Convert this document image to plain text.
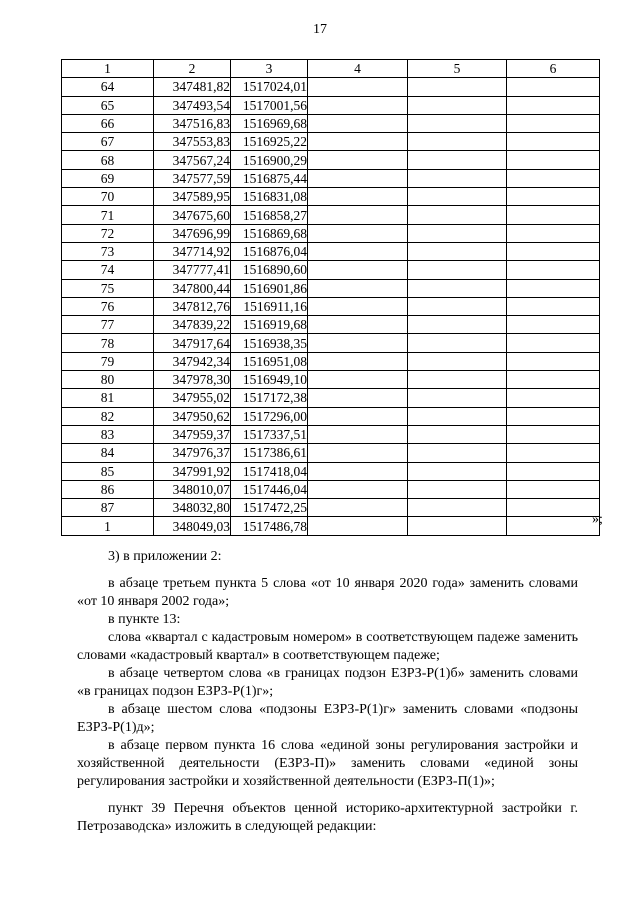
17
1	2	3	4	5	6
64	347481,82	1517024,01			
65	347493,54	1517001,56			
66	347516,83	1516969,68			
67	347553,83	1516925,22			
68	347567,24	1516900,29			
69	347577,59	1516875,44			
70	347589,95	1516831,08			
71	347675,60	1516858,27			
72	347696,99	1516869,68			
73	347714,92	1516876,04			
74	347777,41	1516890,60			
75	347800,44	1516901,86			
76	347812,76	1516911,16			
77	347839,22	1516919,68			
78	347917,64	1516938,35			
79	347942,34	1516951,08			
80	347978,30	1516949,10			
81	347955,02	1517172,38			
82	347950,62	1517296,00			
83	347959,37	1517337,51			
84	347976,37	1517386,61			
85	347991,92	1517418,04			
86	348010,07	1517446,04			
87	348032,80	1517472,25			
1	348049,03	1517486,78				»;

3) в приложении 2:

в абзаце третьем пункта 5 слова «от 10 января 2020 года» заменить словами «от 10 января 2002 года»;

в пункте 13:

слова «квартал с кадастровым номером» в соответствующем падеже заменить словами «кадастровый квартал» в соответствующем падеже;

в абзаце четвертом слова «в границах подзон ЕЗРЗ-Р(1)б» заменить словами «в границах подзон ЕЗРЗ-Р(1)г»;

в абзаце шестом слова «подзоны ЕЗРЗ-Р(1)г» заменить словами «подзоны ЕЗРЗ-Р(1)д»;

в абзаце первом пункта 16 слова «единой зоны регулирования застройки и хозяйственной деятельности (ЕЗРЗ-П)» заменить словами «единой зоны регулирования застройки и хозяйственной деятельности (ЕЗРЗ-П(1)»;

пункт 39 Перечня объектов ценной историко-архитектурной застройки г. Петрозаводска» изложить в следующей редакции:
